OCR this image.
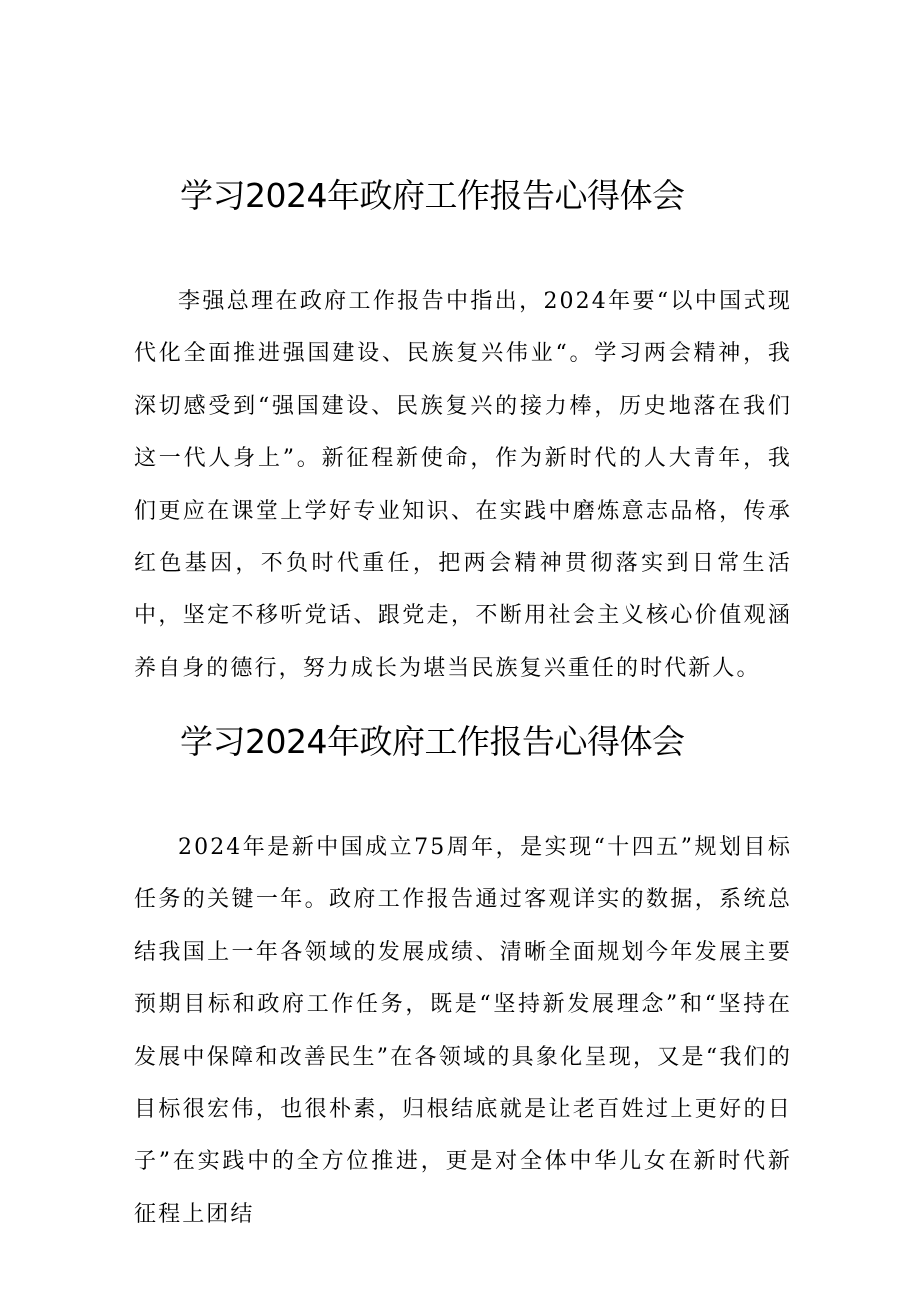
学习2024年政府工作报告心得体会

李强总理在政府工作报告中指出，2024年要“以中国式现代化全面推进强国建设、民族复兴伟业“。学习两会精神，我深切感受到“强国建设、民族复兴的接力棒，历史地落在我们这一代人身上”。新征程新使命，作为新时代的人大青年，我们更应在课堂上学好专业知识、在实践中磨炼意志品格，传承红色基因，不负时代重任，把两会精神贯彻落实到日常生活中，坚定不移听党话、跟党走，不断用社会主义核心价值观涵养自身的德行，努力成长为堪当民族复兴重任的时代新人。

学习2024年政府工作报告心得体会

2024年是新中国成立75周年，是实现“十四五”规划目标任务的关键一年。政府工作报告通过客观详实的数据，系统总结我国上一年各领域的发展成绩、清晰全面规划今年发展主要预期目标和政府工作任务，既是“坚持新发展理念”和“坚持在发展中保障和改善民生”在各领域的具象化呈现，又是“我们的目标很宏伟，也很朴素，归根结底就是让老百姓过上更好的日子”在实践中的全方位推进，更是对全体中华儿女在新时代新征程上团结
